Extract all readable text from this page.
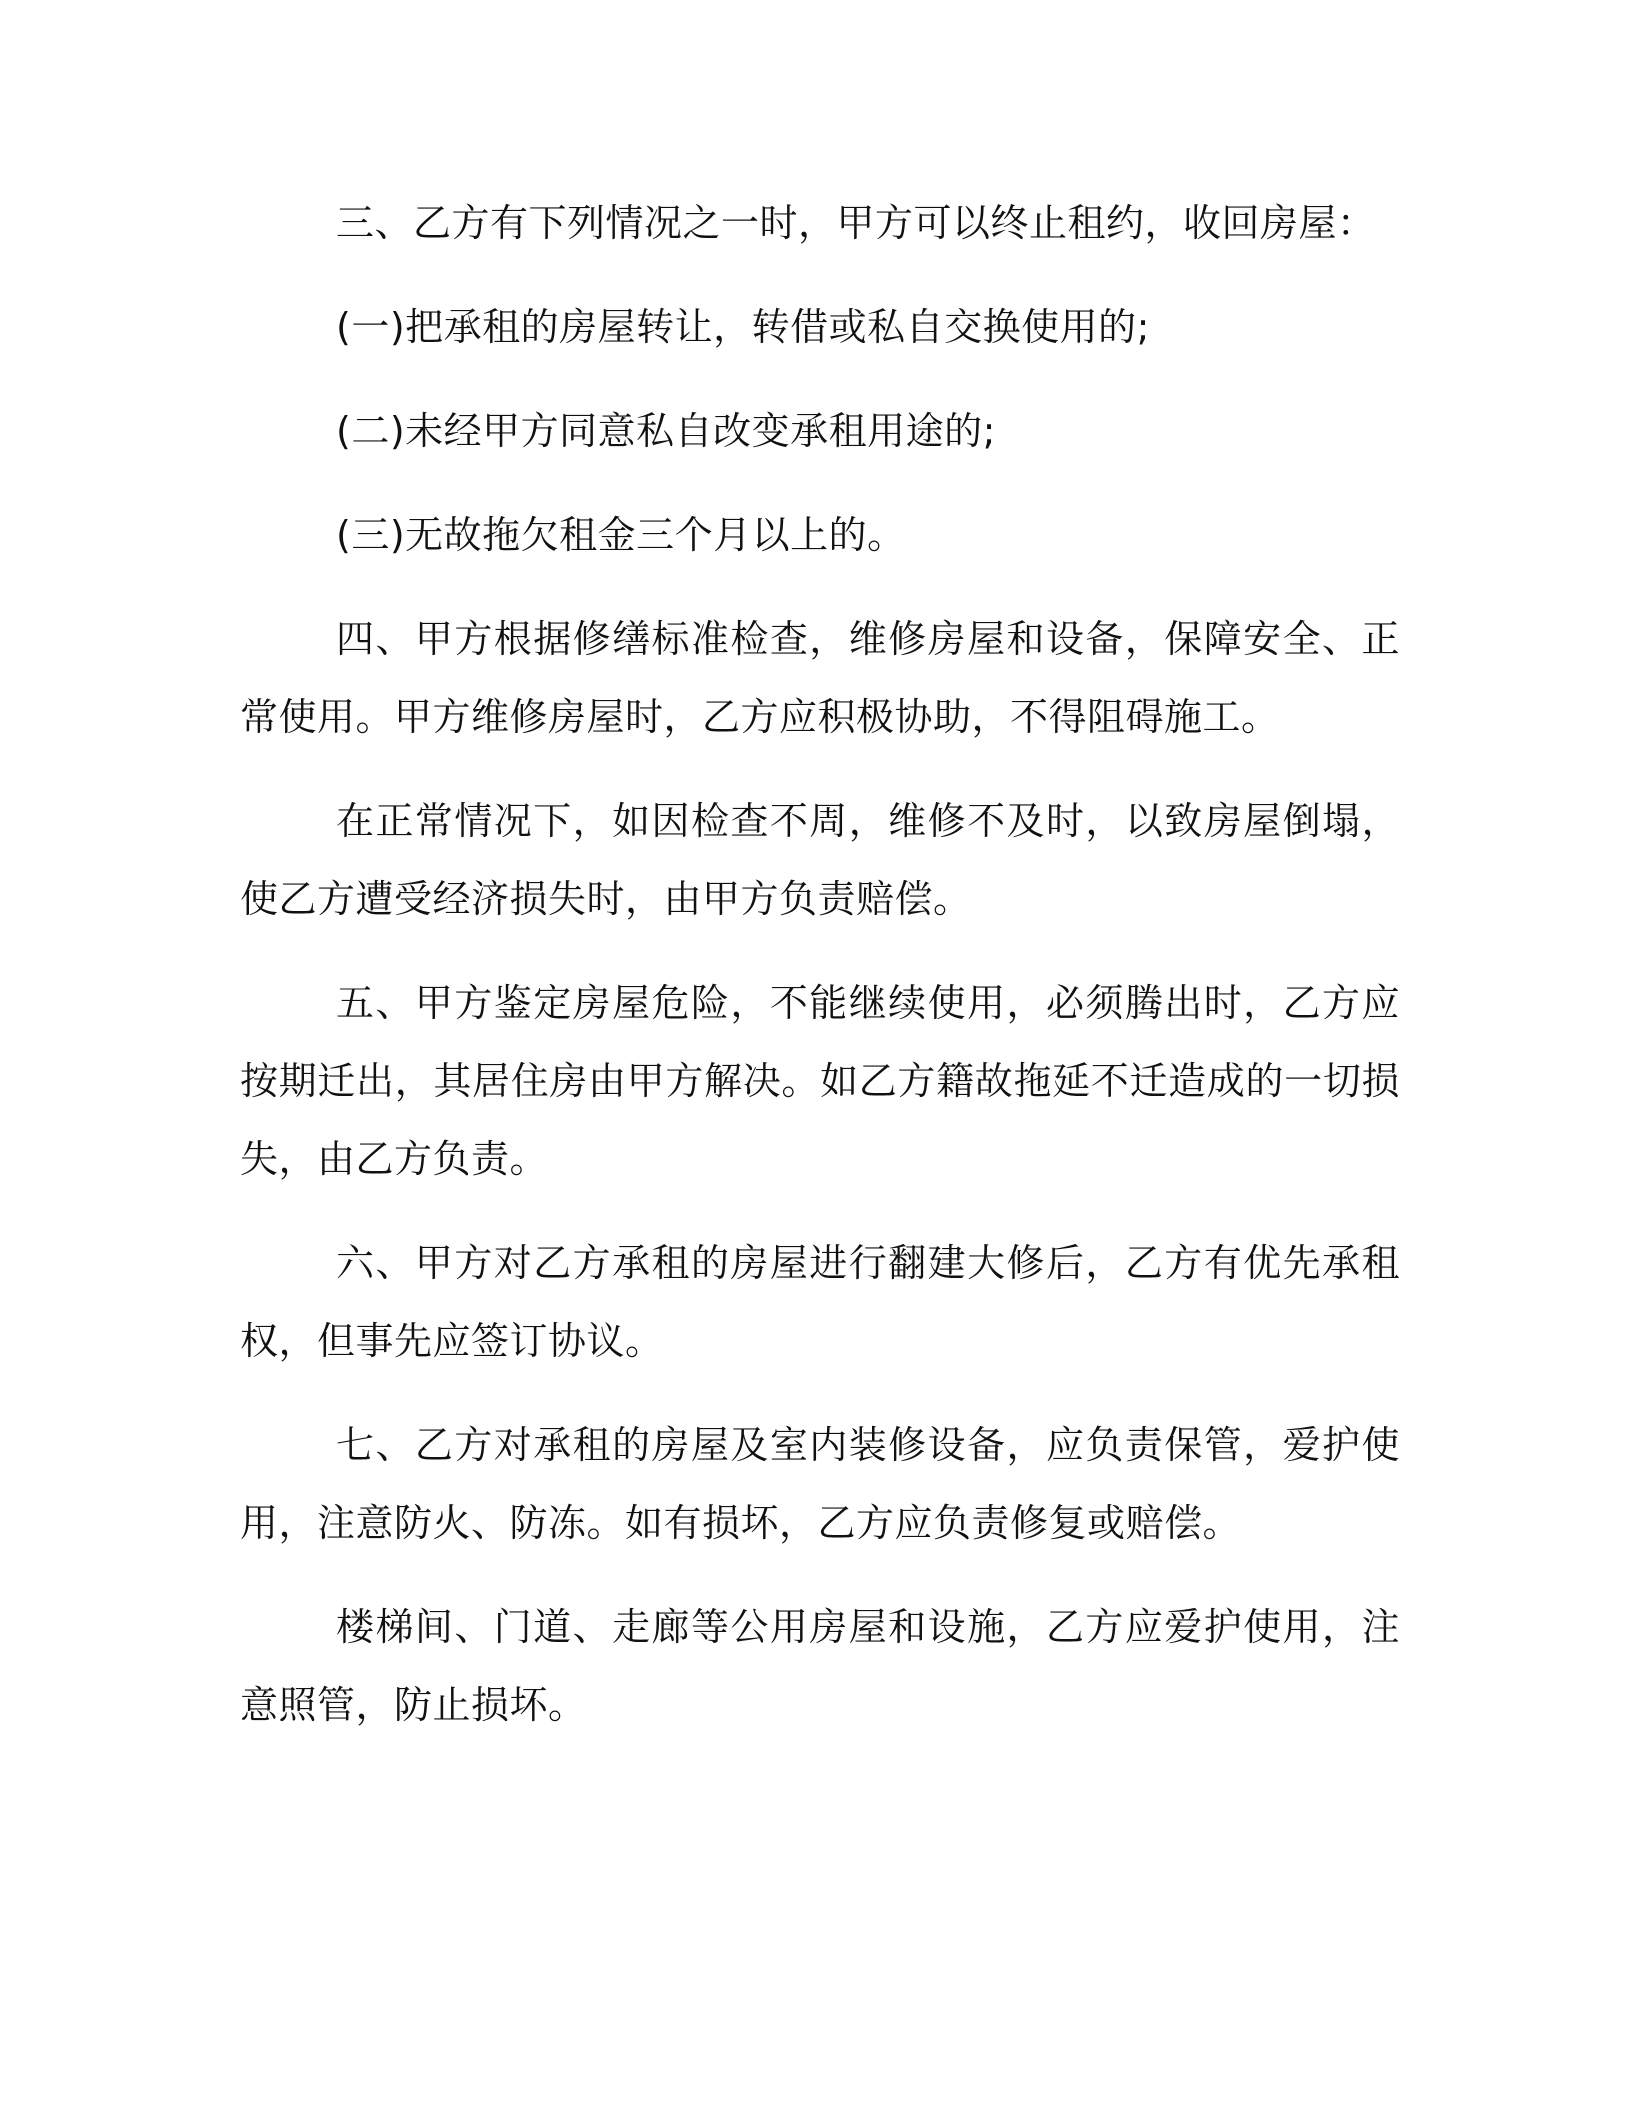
三、乙方有下列情况之一时，甲方可以终止租约，收回房屋：

(一)把承租的房屋转让，转借或私自交换使用的;

(二)未经甲方同意私自改变承租用途的;

(三)无故拖欠租金三个月以上的。

四、甲方根据修缮标准检查，维修房屋和设备，保障安全、正常使用。甲方维修房屋时，乙方应积极协助，不得阻碍施工。

在正常情况下，如因检查不周，维修不及时，以致房屋倒塌，使乙方遭受经济损失时，由甲方负责赔偿。

五、甲方鉴定房屋危险，不能继续使用，必须腾出时，乙方应按期迁出，其居住房由甲方解决。如乙方籍故拖延不迁造成的一切损失，由乙方负责。

六、甲方对乙方承租的房屋进行翻建大修后，乙方有优先承租权，但事先应签订协议。

七、乙方对承租的房屋及室内装修设备，应负责保管，爱护使用，注意防火、防冻。如有损坏，乙方应负责修复或赔偿。

楼梯间、门道、走廊等公用房屋和设施，乙方应爱护使用，注意照管，防止损坏。
